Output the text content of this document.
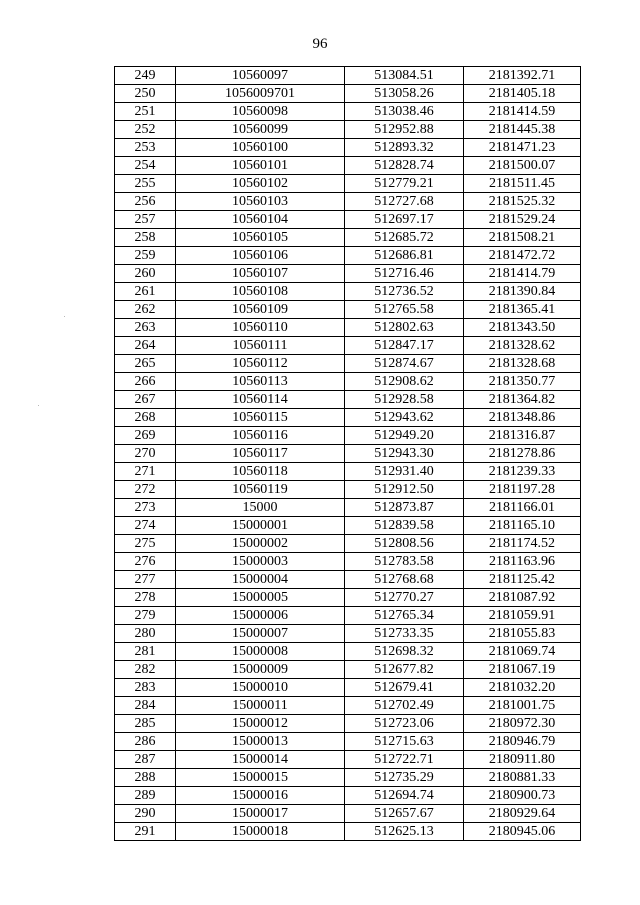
96
249	10560097	513084.51	2181392.71
250	1056009701	513058.26	2181405.18
251	10560098	513038.46	2181414.59
252	10560099	512952.88	2181445.38
253	10560100	512893.32	2181471.23
254	10560101	512828.74	2181500.07
255	10560102	512779.21	2181511.45
256	10560103	512727.68	2181525.32
257	10560104	512697.17	2181529.24
258	10560105	512685.72	2181508.21
259	10560106	512686.81	2181472.72
260	10560107	512716.46	2181414.79
261	10560108	512736.52	2181390.84
262	10560109	512765.58	2181365.41
263	10560110	512802.63	2181343.50
264	10560111	512847.17	2181328.62
265	10560112	512874.67	2181328.68
266	10560113	512908.62	2181350.77
267	10560114	512928.58	2181364.82
268	10560115	512943.62	2181348.86
269	10560116	512949.20	2181316.87
270	10560117	512943.30	2181278.86
271	10560118	512931.40	2181239.33
272	10560119	512912.50	2181197.28
273	15000	512873.87	2181166.01
274	15000001	512839.58	2181165.10
275	15000002	512808.56	2181174.52
276	15000003	512783.58	2181163.96
277	15000004	512768.68	2181125.42
278	15000005	512770.27	2181087.92
279	15000006	512765.34	2181059.91
280	15000007	512733.35	2181055.83
281	15000008	512698.32	2181069.74
282	15000009	512677.82	2181067.19
283	15000010	512679.41	2181032.20
284	15000011	512702.49	2181001.75
285	15000012	512723.06	2180972.30
286	15000013	512715.63	2180946.79
287	15000014	512722.71	2180911.80
288	15000015	512735.29	2180881.33
289	15000016	512694.74	2180900.73
290	15000017	512657.67	2180929.64
291	15000018	512625.13	2180945.06
